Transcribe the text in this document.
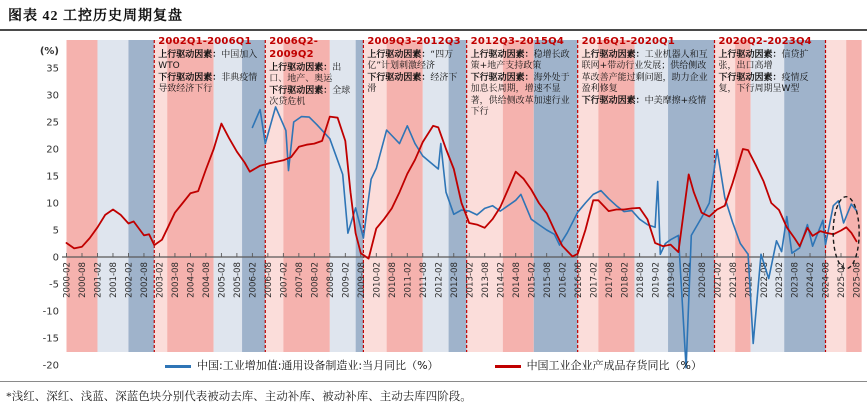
图表 42 工控历史周期复盘
35
30
25
20
15
10
5
0
-5
-10
-15
-20
(%)
2000-02 2000-08 2001-02 2001-08 2002-02 2002-08 2003-02 2003-08 2004-02 2004-08 2005-02 2005-08 2006-02 2006-08 2007-02 2007-08 2008-02 2008-08 2009-02 2009-08 2010-02 2010-08 2011-02 2011-08 2012-02 2012-08 2013-02 2013-08 2014-02 2014-08 2015-02 2015-08 2016-02 2016-08 2017-02 2017-08 2018-02 2018-08 2019-02 2019-08 2020-02 2020-08 2021-02 2021-08 2022-02 2022-08 2023-02 2023-08 2024-02 2024-08 2025-02 2025-08
2002Q1-2006Q1
上行驱动因素：中国加入WTO
下行驱动因素：非典疫情导致经济下行
2006Q2-2009Q2
上行驱动因素：出口、地产、奥运
下行驱动因素：全球次贷危机
2009Q3-2012Q3
上行驱动因素：“四万亿”计划刺激经济
下行驱动因素：经济下滑
2012Q3-2015Q4
上行驱动因素：稳增长政策+地产支持政策
下行驱动因素：海外处于加息长周期，增速不显著，供给侧改革加速行业下行
2016Q1-2020Q1
上行驱动因素：工业机器人和互联网+带动行业发展；供给侧改革改善产能过剩问题，助力企业盈利修复
下行驱动因素：中美摩擦+疫情
2020Q2-2023Q4
上行驱动因素：信贷扩张，出口高增
下行驱动因素：疫情反复，下行周期呈W型
中国:工业增加值:通用设备制造业:当月同比（%）	中国工业企业产成品存货同比（%）
*浅红、深红、浅蓝、深蓝色块分别代表被动去库、主动补库、被动补库、主动去库四阶段。
